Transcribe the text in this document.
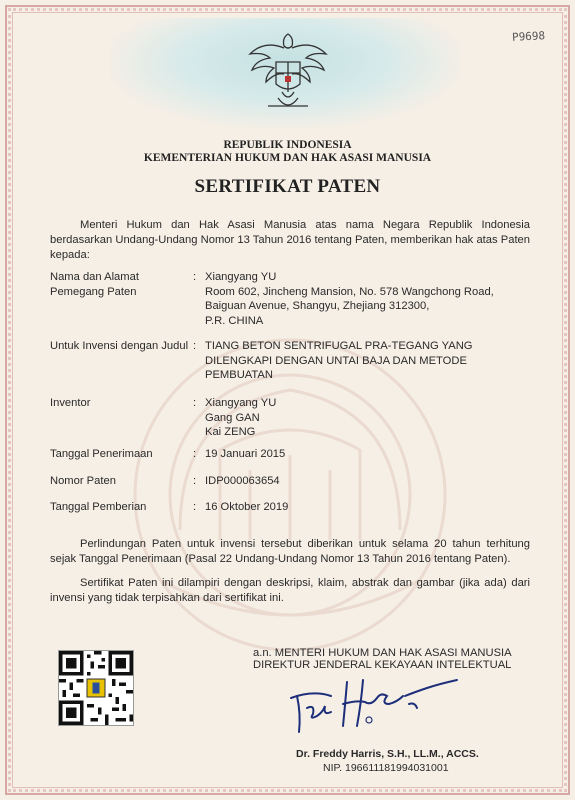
P9698
REPUBLIK INDONESIA
KEMENTERIAN HUKUM DAN HAK ASASI MANUSIA
SERTIFIKAT PATEN
Menteri Hukum dan Hak Asasi Manusia atas nama Negara Republik Indonesia berdasarkan Undang-Undang Nomor 13 Tahun 2016 tentang Paten, memberikan hak atas Paten kepada:
Nama dan Alamat Pemegang Paten
: Xiangyang YU
Room 602, Jincheng Mansion, No. 578 Wangchong Road,
Baiguan Avenue, Shangyu, Zhejiang 312300,
P.R. CHINA
Untuk Invensi dengan Judul : TIANG BETON SENTRIFUGAL PRA-TEGANG YANG
DILENGKAPI DENGAN UNTAI BAJA DAN METODE
PEMBUATAN
Inventor	: Xiangyang YU
Gang GAN
Kai ZENG
Tanggal Penerimaan	: 19 Januari 2015
Nomor Paten	: IDP000063654
Tanggal Pemberian	: 16 Oktober 2019
Perlindungan Paten untuk invensi tersebut diberikan untuk selama 20 tahun terhitung sejak Tanggal Penerimaan (Pasal 22 Undang-Undang Nomor 13 Tahun 2016 tentang Paten).
Sertifikat Paten ini dilampiri dengan deskripsi, klaim, abstrak dan gambar (jika ada) dari invensi yang tidak terpisahkan dari sertifikat ini.
a.n. MENTERI HUKUM DAN HAK ASASI MANUSIA
DIREKTUR JENDERAL KEKAYAAN INTELEKTUAL
Dr. Freddy Harris, S.H., LL.M., ACCS.
NIP. 196611181994031001
